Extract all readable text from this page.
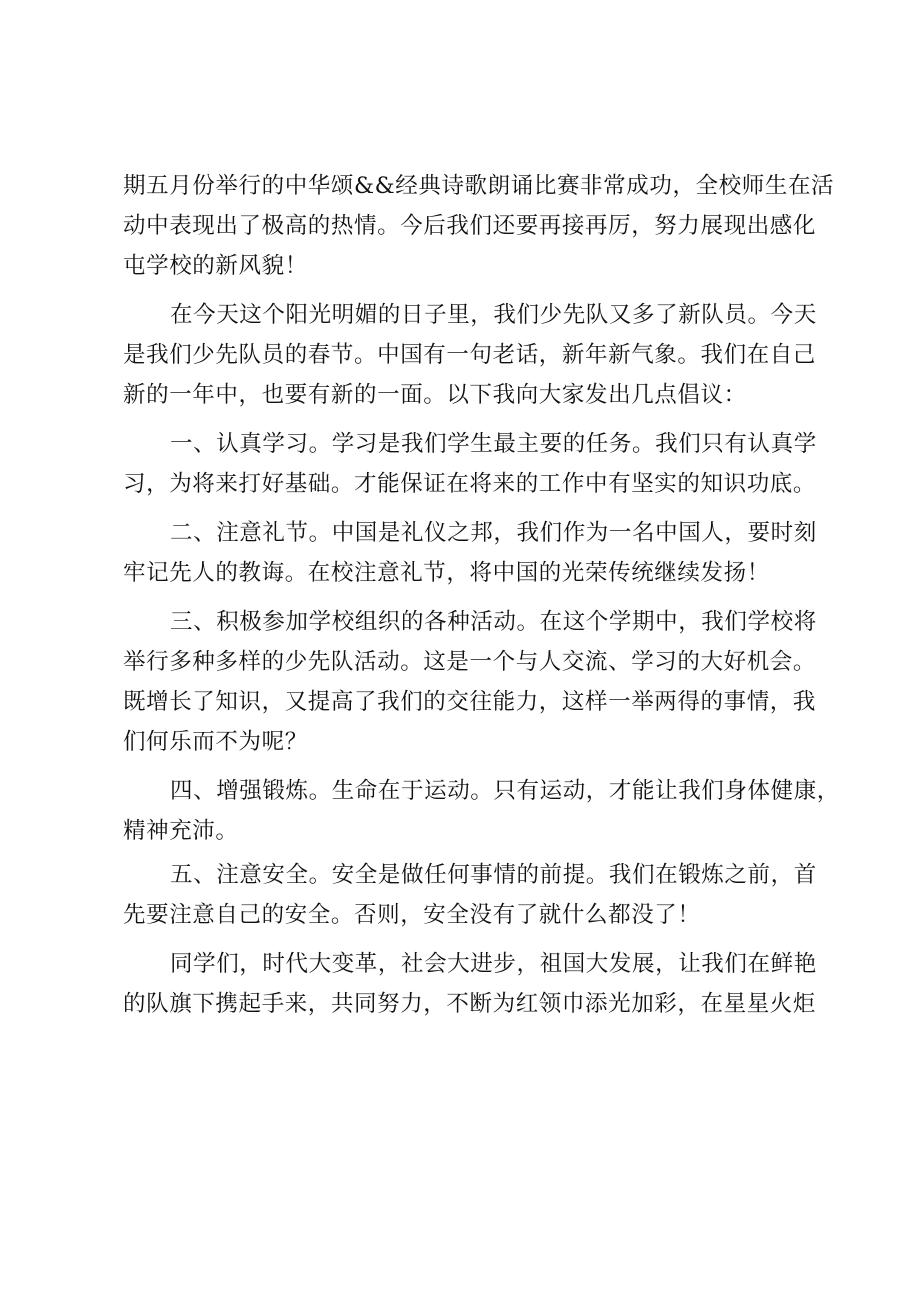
期五月份举行的中华颂&&经典诗歌朗诵比赛非常成功，全校师生在活
动中表现出了极高的热情。今后我们还要再接再厉，努力展现出感化
屯学校的新风貌！
在今天这个阳光明媚的日子里，我们少先队又多了新队员。今天
是我们少先队员的春节。中国有一句老话，新年新气象。我们在自己
新的一年中，也要有新的一面。以下我向大家发出几点倡议：
一、认真学习。学习是我们学生最主要的任务。我们只有认真学
习，为将来打好基础。才能保证在将来的工作中有坚实的知识功底。
二、注意礼节。中国是礼仪之邦，我们作为一名中国人，要时刻
牢记先人的教诲。在校注意礼节，将中国的光荣传统继续发扬！
三、积极参加学校组织的各种活动。在这个学期中，我们学校将
举行多种多样的少先队活动。这是一个与人交流、学习的大好机会。
既增长了知识，又提高了我们的交往能力，这样一举两得的事情，我
们何乐而不为呢？
四、增强锻炼。生命在于运动。只有运动，才能让我们身体健康，
精神充沛。
五、注意安全。安全是做任何事情的前提。我们在锻炼之前，首
先要注意自己的安全。否则，安全没有了就什么都没了！
同学们，时代大变革，社会大进步，祖国大发展，让我们在鲜艳
的队旗下携起手来，共同努力，不断为红领巾添光加彩，在星星火炬
